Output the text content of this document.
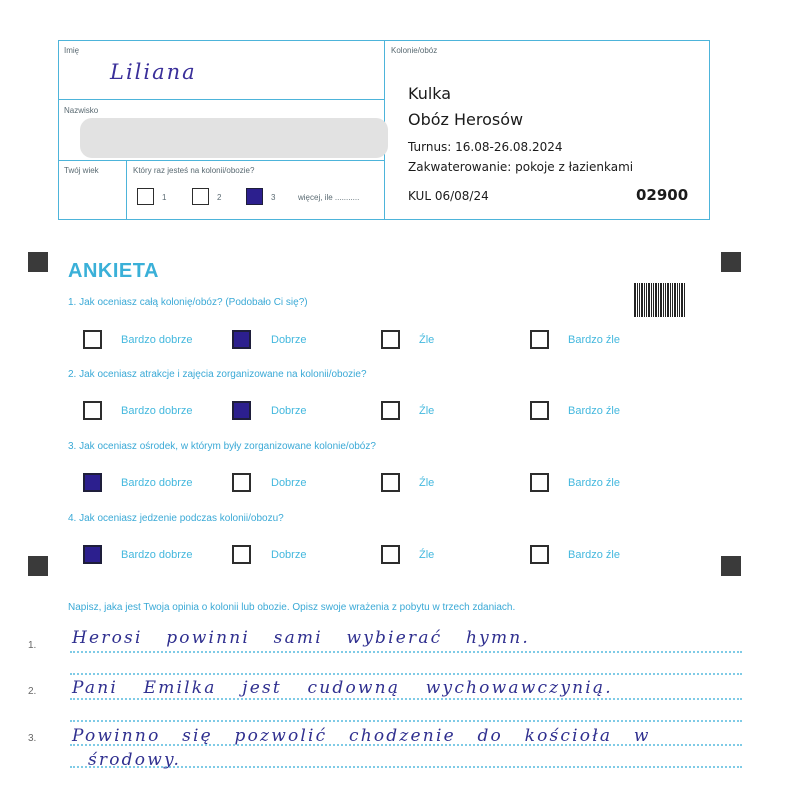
Imię
Liliana
Nazwisko
Twój wiek	Który raz jesteś na kolonii/obozie?
1	2	3	więcej, ile ...........
Kolonie/obóz
Kulka
Obóz Herosów
Turnus: 16.08-26.08.2024
Zakwaterowanie: pokoje z łazienkami
KUL 06/08/24	02900
ANKIETA
1. Jak oceniasz całą kolonię/obóz? (Podobało Ci się?)
Bardzo dobrze	Dobrze	Źle	Bardzo źle
2. Jak oceniasz atrakcje i zajęcia zorganizowane na kolonii/obozie?
Bardzo dobrze	Dobrze	Źle	Bardzo źle
3. Jak oceniasz ośrodek, w którym były zorganizowane kolonie/obóz?
Bardzo dobrze	Dobrze	Źle	Bardzo źle
4. Jak oceniasz jedzenie podczas kolonii/obozu?
Bardzo dobrze	Dobrze	Źle	Bardzo źle
Napisz, jaka jest Twoja opinia o kolonii lub obozie. Opisz swoje wrażenia z pobytu w trzech zdaniach.
1.
2.
3.
Herosi powinni sami wybierać hymn.
Pani Emilka jest cudowną wychowawczynią.
Powinno się pozwolić chodzenie do kościoła w
środowy.
